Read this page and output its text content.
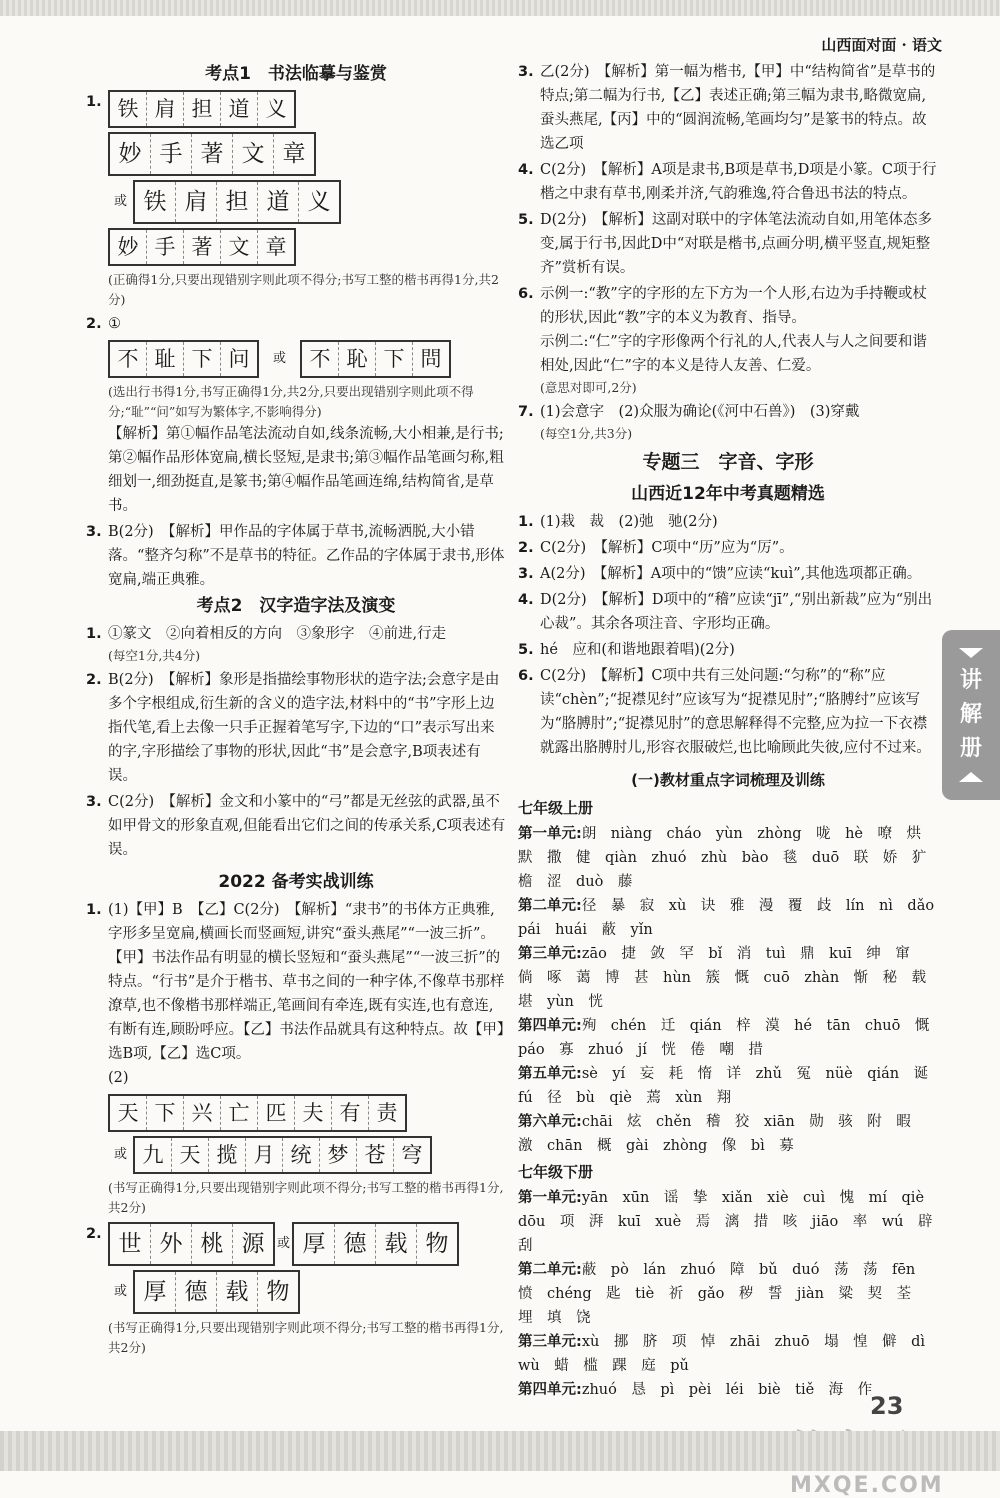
山西面对面 · 语文
考点1　书法临摹与鉴赏
1. 铁 肩 担 道 义
妙 手 著 文 章
或 铁 肩 担 道 义
妙 手 著 文 章
(正确得1分,只要出现错别字则此项不得分;书写工整的楷书再得1分,共2分)
2. ①
不 耻 下 问	或	不 恥 下 問
(选出行书得1分,书写正确得1分,共2分,只要出现错别字则此项不得分;“耻”“问”如写为繁体字,不影响得分)
【解析】第①幅作品笔法流动自如,线条流畅,大小相兼,是行书;第②幅作品形体宽扁,横长竖短,是隶书;第③幅作品笔画匀称,粗细划一,细劲挺直,是篆书;第④幅作品笔画连绵,结构简省,是草书。
3. B(2分)　【解析】甲作品的字体属于草书,流畅洒脱,大小错落。“整齐匀称”不是草书的特征。乙作品的字体属于隶书,形体宽扁,端正典雅。
考点2　汉字造字法及演变
1. ①篆文　②向着相反的方向　③象形字　④前进,行走
(每空1分,共4分)
2. B(2分)　【解析】象形是指描绘事物形状的造字法;会意字是由多个字根组成,衍生新的含义的造字法,材料中的“书”字形上边指代笔,看上去像一只手正握着笔写字,下边的“口”表示写出来的字,字形描绘了事物的形状,因此“书”是会意字,B项表述有误。
3. C(2分)　【解析】金文和小篆中的“弓”都是无丝弦的武器,虽不如甲骨文的形象直观,但能看出它们之间的传承关系,C项表述有误。
2022 备考实战训练
1. (1)【甲】B　【乙】C(2分)　【解析】“隶书”的书体方正典雅,字形多呈宽扁,横画长而竖画短,讲究“蚕头燕尾”“一波三折”。【甲】书法作品有明显的横长竖短和“蚕头燕尾”“一波三折”的特点。“行书”是介于楷书、草书之间的一种字体,不像草书那样潦草,也不像楷书那样端正,笔画间有牵连,既有实连,也有意连,有断有连,顾盼呼应。【乙】书法作品就具有这种特点。故【甲】选B项,【乙】选C项。
(2)
天 下 兴 亡 匹 夫 有 责
或 九 天 揽 月 统 梦 苍 穹
(书写正确得1分,只要出现错别字则此项不得分;书写工整的楷书再得1分,共2分)
2. 世 外 桃 源 或 厚 德 载 物
或 厚 德 载 物
(书写正确得1分,只要出现错别字则此项不得分;书写工整的楷书再得1分,共2分)
3. 乙(2分)　【解析】第一幅为楷书,【甲】中“结构简省”是草书的特点;第二幅为行书,【乙】表述正确;第三幅为隶书,略微宽扁,蚕头燕尾,【丙】中的“圆润流畅,笔画均匀”是篆书的特点。故选乙项
4. C(2分)　【解析】A项是隶书,B项是草书,D项是小篆。C项于行楷之中隶有草书,刚柔并济,气韵雅逸,符合鲁迅书法的特点。
5. D(2分)　【解析】这副对联中的字体笔法流动自如,用笔体态多变,属于行书,因此D中“对联是楷书,点画分明,横平竖直,规矩整齐”赏析有误。
6. 示例一:“教”字的字形的左下方为一个人形,右边为手持鞭或杖的形状,因此“教”字的本义为教育、指导。
示例二:“仁”字的字形像两个行礼的人,代表人与人之间要和谐相处,因此“仁”字的本义是待人友善、仁爱。
(意思对即可,2分)
7. (1)会意字　(2)众服为确论(《河中石兽》)　(3)穿戴
(每空1分,共3分)
专题三　字音、字形
山西近12年中考真题精选
1. (1)栽　裁　(2)弛　驰(2分)
2. C(2分)　【解析】C项中“历”应为“厉”。
3. A(2分)　【解析】A项中的“馈”应读“kuì”,其他选项都正确。
4. D(2分)　【解析】D项中的“稽”应读“jī”,“别出新裁”应为“别出心裁”。其余各项注音、字形均正确。
5. hé　应和(和谐地跟着唱)(2分)
6. C(2分)　【解析】C项中共有三处问题:“匀称”的“称”应读“chèn”;“捉襟见纣”应该写为“捉襟见肘”;“胳膊纣”应该写为“胳膊肘”;“捉襟见肘”的意思解释得不完整,应为拉一下衣襟就露出胳膊肘儿,形容衣服破烂,也比喻顾此失彼,应付不过来。
(一)教材重点字词梳理及训练
七年级上册
第一单元:朗　niàng　cháo　yùn　zhòng　咙　hè　嘹　烘　默　撒　健　qiàn　zhuó　zhù　bào　毯　duō　联　娇　犷　檐　涩　duò　藤
第二单元:径　暴　寂　xù　诀　雅　漫　覆　歧　lín　nì　dǎo　pái　huái　蔽　yǐn
第三单元:zāo　捷　敛　罕　bǐ　消　tuì　鼎　kuī　绅　窜　倘　啄　蔼　博　甚　hùn　簇　慨　cuō　zhàn　惭　秘　载　堪　yùn　恍
第四单元:殉　chén　迁　qián　梓　漠　hé　tān　chuō　慨　páo　寡　zhuó　jí　恍　倦　嘲　措
第五单元:sè　yí　妄　耗　惰　详　zhǔ　冤　nüè　qián　诞　fú　径　bù　qiè　蔫　xùn　翔
第六单元:chāi　炫　chěn　稽　狡　xiān　勋　骇　附　暇　激　chān　概　gài　zhòng　像　bì　募
七年级下册
第一单元:yān　xūn　谣　挚　xiǎn　xiè　cuì　愧　mí　qiè　dōu　项　湃　kuī　xuè　焉　漓　措　咳　jiāo　率　wú　辟　刮
第二单元:蔽　pò　lán　zhuó　障　bǔ　duó　荡　荡　fēn　愤　chéng　匙　tiè　祈　gǎo　秽　誓　jiàn　粱　契　荃　埋　填　饶
第三单元:xù　挪　脐　项　悼　zhāi　zhuō　塌　惶　僻　dì　wù　蜡　槛　踝　庭　pǔ
第四单元:zhuó　恳　pì　pèi　léi　biè　tiě　海　作
讲
解
册
23
MXQE.COM
